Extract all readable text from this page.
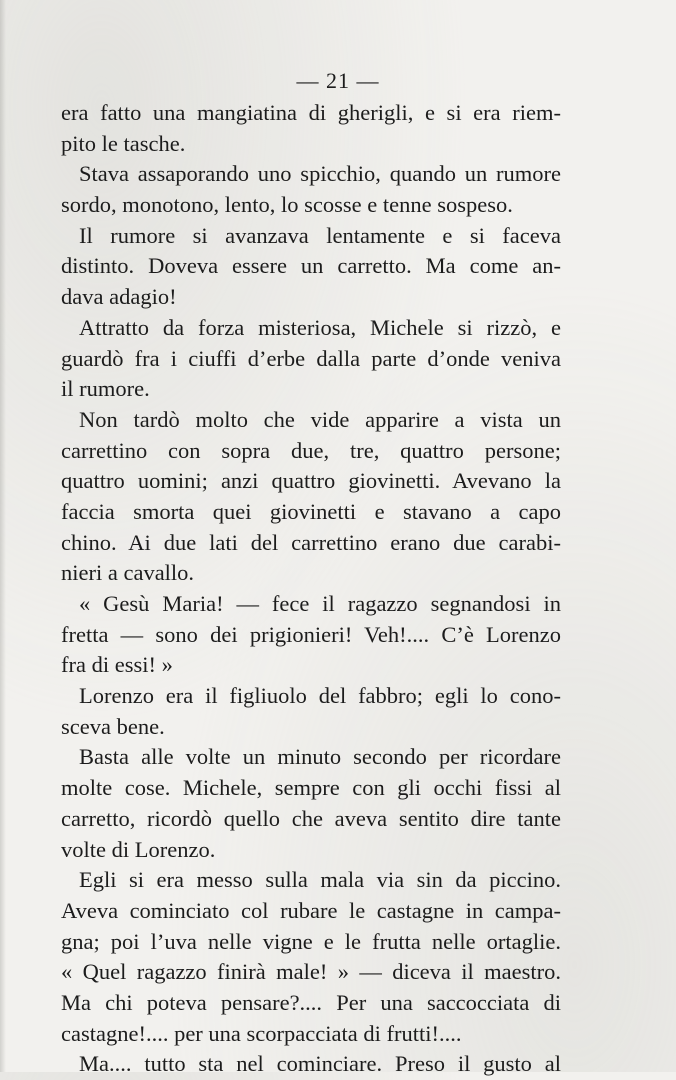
— 21 —
era fatto una mangiatina di gherigli, e si era riem-
pito le tasche.
Stava assaporando uno spicchio, quando un rumore
sordo, monotono, lento, lo scosse e tenne sospeso.
Il rumore si avanzava lentamente e si faceva
distinto. Doveva essere un carretto. Ma come an-
dava adagio!
Attratto da forza misteriosa, Michele si rizzò, e
guardò fra i ciuffi d’erbe dalla parte d’onde veniva
il rumore.
Non tardò molto che vide apparire a vista un
carrettino con sopra due, tre, quattro persone;
quattro uomini; anzi quattro giovinetti. Avevano la
faccia smorta quei giovinetti e stavano a capo
chino. Ai due lati del carrettino erano due carabi-
nieri a cavallo.
« Gesù Maria! — fece il ragazzo segnandosi in
fretta — sono dei prigionieri! Veh!.... C’è Lorenzo
fra di essi! »
Lorenzo era il figliuolo del fabbro; egli lo cono-
sceva bene.
Basta alle volte un minuto secondo per ricordare
molte cose. Michele, sempre con gli occhi fissi al
carretto, ricordò quello che aveva sentito dire tante
volte di Lorenzo.
Egli si era messo sulla mala via sin da piccino.
Aveva cominciato col rubare le castagne in campa-
gna; poi l’uva nelle vigne e le frutta nelle ortaglie.
« Quel ragazzo finirà male! » — diceva il maestro.
Ma chi poteva pensare?.... Per una saccocciata di
castagne!.... per una scorpacciata di frutti!....
Ma.... tutto sta nel cominciare. Preso il gusto al
